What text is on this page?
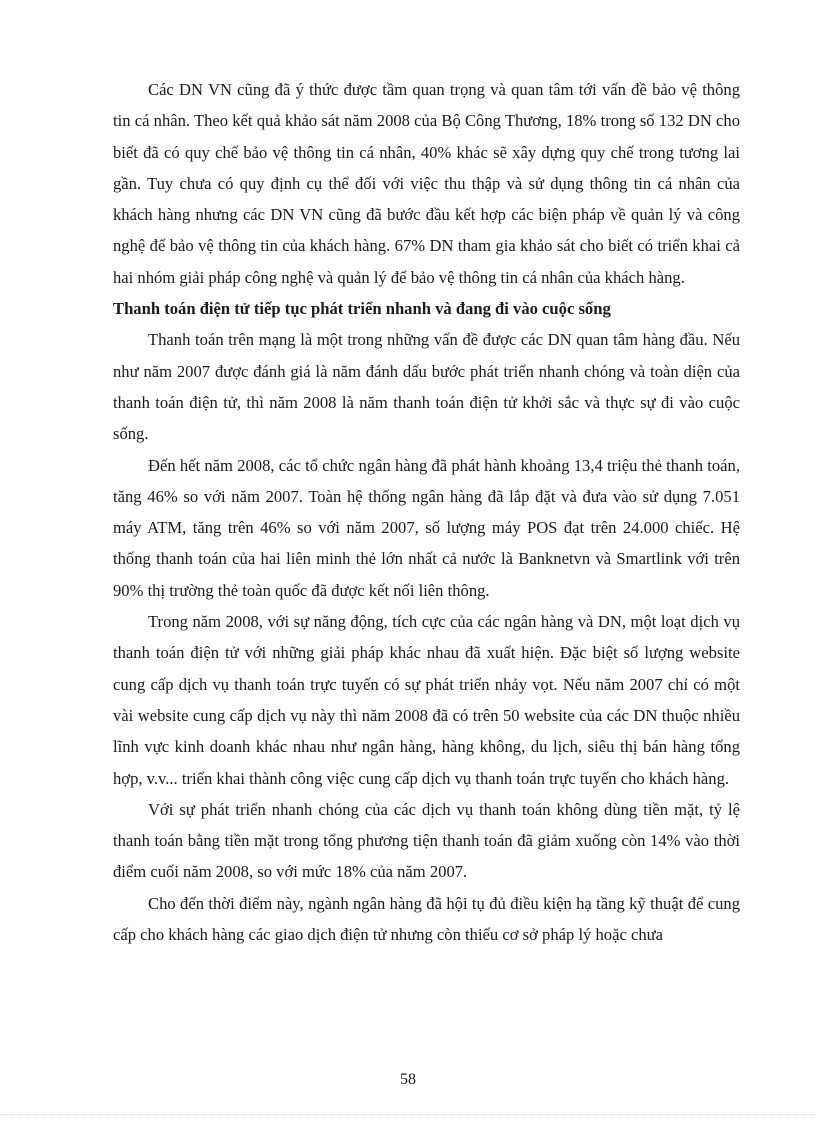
Các DN VN cũng đã ý thức được tầm quan trọng và quan tâm tới vấn đề bảo vệ thông tin cá nhân. Theo kết quả khảo sát năm 2008 của Bộ Công Thương, 18% trong số 132 DN cho biết đã có quy chế bảo vệ thông tin cá nhân, 40% khác sẽ xây dựng quy chế trong tương lai gần. Tuy chưa có quy định cụ thể đối với việc thu thập và sử dụng thông tin cá nhân của khách hàng nhưng các DN VN cũng đã bước đầu kết hợp các biện pháp về quản lý và công nghệ để bảo vệ thông tin của khách hàng. 67% DN tham gia khảo sát cho biết có triển khai cả hai nhóm giải pháp công nghệ và quản lý để bảo vệ thông tin cá nhân của khách hàng.

Thanh toán điện tử tiếp tục phát triển nhanh và đang đi vào cuộc sống

Thanh toán trên mạng là một trong những vấn đề được các DN quan tâm hàng đầu. Nếu như năm 2007 được đánh giá là năm đánh dấu bước phát triển nhanh chóng và toàn diện của thanh toán điện tử, thì năm 2008 là năm thanh toán điện tử khởi sắc và thực sự đi vào cuộc sống.

Đến hết năm 2008, các tổ chức ngân hàng đã phát hành khoảng 13,4 triệu thẻ thanh toán, tăng 46% so với năm 2007. Toàn hệ thống ngân hàng đã lắp đặt và đưa vào sử dụng 7.051 máy ATM, tăng trên 46% so với năm 2007, số lượng máy POS đạt trên 24.000 chiếc. Hệ thống thanh toán của hai liên minh thẻ lớn nhất cả nước là Banknetvn và Smartlink với trên 90% thị trường thẻ toàn quốc đã được kết nối liên thông.

Trong năm 2008, với sự năng động, tích cực của các ngân hàng và DN, một loạt dịch vụ thanh toán điện tử với những giải pháp khác nhau đã xuất hiện. Đặc biệt số lượng website cung cấp dịch vụ thanh toán trực tuyến có sự phát triển nhảy vọt. Nếu năm 2007 chỉ có một vài website cung cấp dịch vụ này thì năm 2008 đã có trên 50 website của các DN thuộc nhiều lĩnh vực kinh doanh khác nhau như ngân hàng, hàng không, du lịch, siêu thị bán hàng tổng hợp, v.v... triển khai thành công việc cung cấp dịch vụ thanh toán trực tuyến cho khách hàng.

Với sự phát triển nhanh chóng của các dịch vụ thanh toán không dùng tiền mặt, tỷ lệ thanh toán bằng tiền mặt trong tổng phương tiện thanh toán đã giảm xuống còn 14% vào thời điểm cuối năm 2008, so với mức 18% của năm 2007.

Cho đến thời điểm này, ngành ngân hàng đã hội tụ đủ điều kiện hạ tầng kỹ thuật để cung cấp cho khách hàng các giao dịch điện tử nhưng còn thiếu cơ sở pháp lý hoặc chưa

58
